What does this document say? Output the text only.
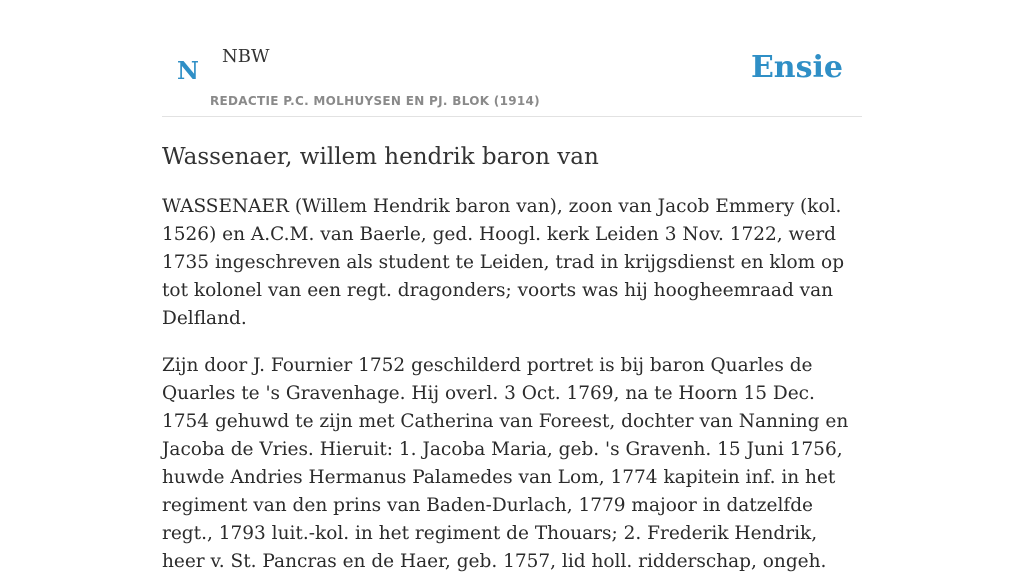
N NBW
REDACTIE P.C. MOLHUYSEN EN PJ. BLOK (1914)
Ensie
Wassenaer, willem hendrik baron van

WASSENAER (Willem Hendrik baron van), zoon van Jacob Emmery (kol. 1526) en A.C.M. van Baerle, ged. Hoogl. kerk Leiden 3 Nov. 1722, werd 1735 ingeschreven als student te Leiden, trad in krijgsdienst en klom op tot kolonel van een regt. dragonders; voorts was hij hoogheemraad van Delfland.

Zijn door J. Fournier 1752 geschilderd portret is bij baron Quarles de Quarles te 's Gravenhage. Hij overl. 3 Oct. 1769, na te Hoorn 15 Dec. 1754 gehuwd te zijn met Catherina van Foreest, dochter van Nanning en Jacoba de Vries. Hieruit: 1. Jacoba Maria, geb. 's Gravenh. 15 Juni 1756, huwde Andries Hermanus Palamedes van Lom, 1774 kapitein inf. in het regiment van den prins van Baden-Durlach, 1779 majoor in datzelfde regt., 1793 luit.-kol. in het regiment de Thouars; 2. Frederik Hendrik, heer v. St. Pancras en de Haer, geb. 1757, lid holl. ridderschap, ongeh.
